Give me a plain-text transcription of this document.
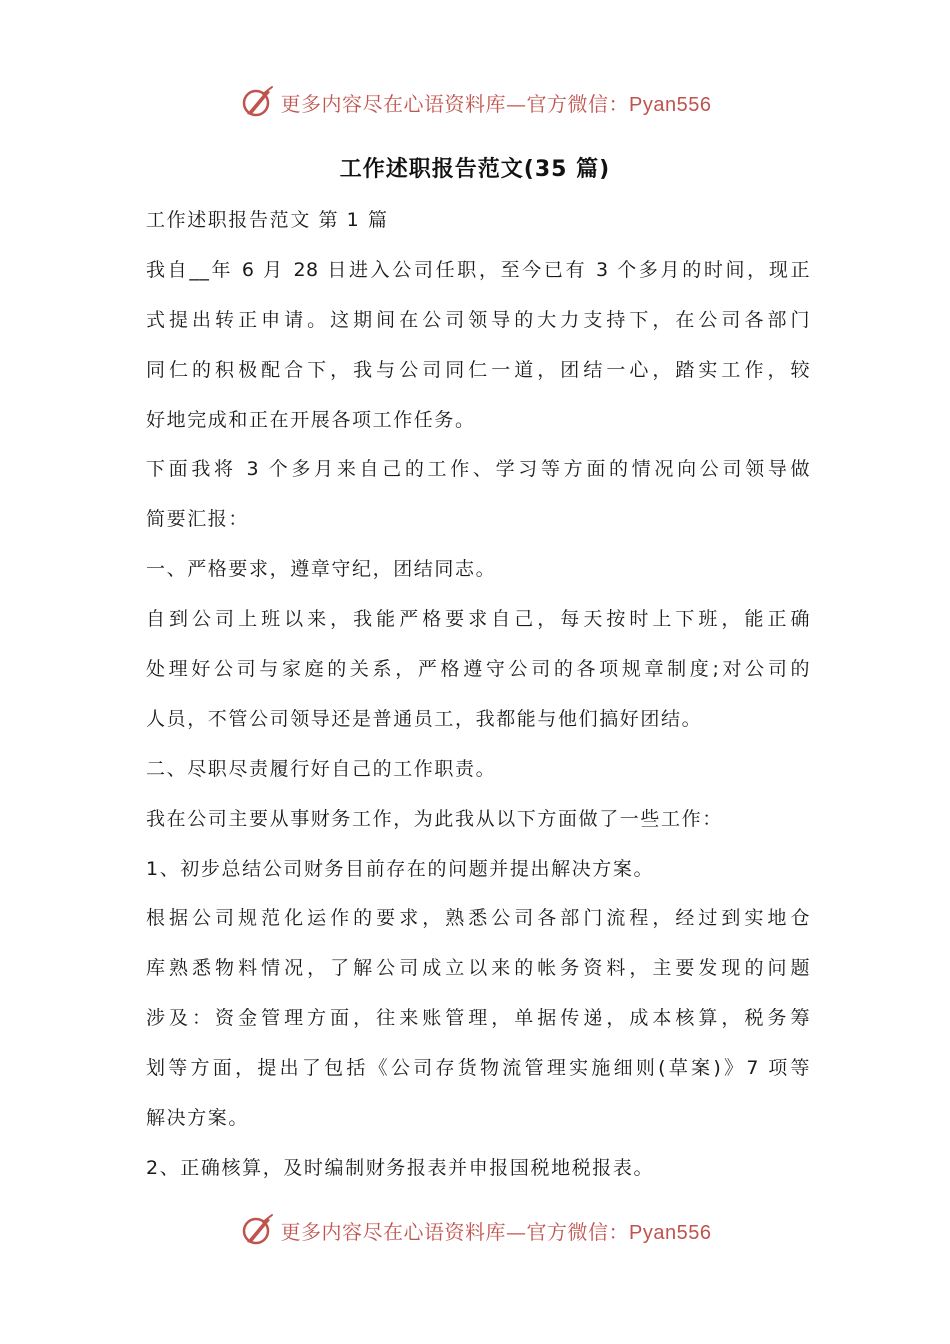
更多内容尽在心语资料库—官方微信：Pyan556
工作述职报告范文(35 篇)
工作述职报告范文 第 1 篇
我自__年 6 月 28 日进入公司任职，至今已有 3 个多月的时间，现正
式提出转正申请。这期间在公司领导的大力支持下，在公司各部门
同仁的积极配合下，我与公司同仁一道，团结一心，踏实工作，较
好地完成和正在开展各项工作任务。
下面我将 3 个多月来自己的工作、学习等方面的情况向公司领导做
简要汇报：
一、严格要求，遵章守纪，团结同志。
自到公司上班以来，我能严格要求自己，每天按时上下班，能正确
处理好公司与家庭的关系，严格遵守公司的各项规章制度;对公司的
人员，不管公司领导还是普通员工，我都能与他们搞好团结。
二、尽职尽责履行好自己的工作职责。
我在公司主要从事财务工作，为此我从以下方面做了一些工作：
1、初步总结公司财务目前存在的问题并提出解决方案。
根据公司规范化运作的要求，熟悉公司各部门流程，经过到实地仓
库熟悉物料情况，了解公司成立以来的帐务资料，主要发现的问题
涉及：资金管理方面，往来账管理，单据传递，成本核算，税务筹
划等方面，提出了包括《公司存货物流管理实施细则(草案)》7 项等
解决方案。
2、正确核算，及时编制财务报表并申报国税地税报表。
更多内容尽在心语资料库—官方微信：Pyan556
